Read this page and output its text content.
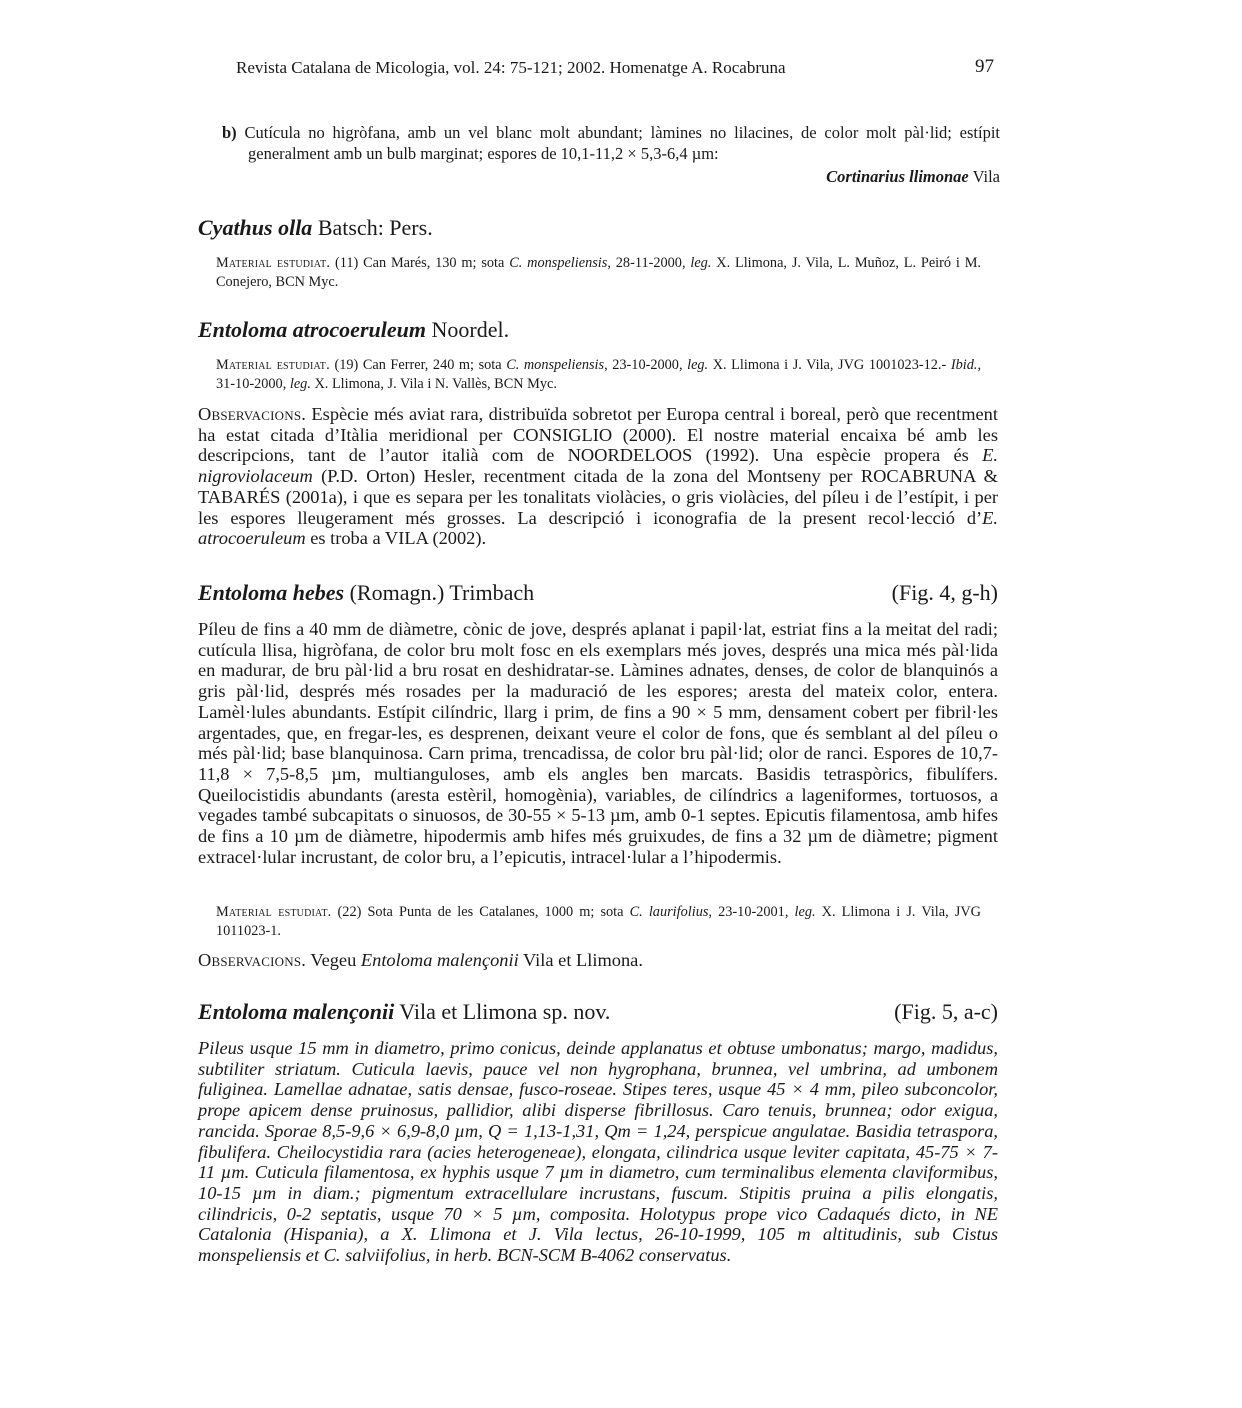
Revista Catalana de Micologia, vol. 24: 75-121; 2002. Homenatge A. Rocabruna	97

b) Cutícula no higròfana, amb un vel blanc molt abundant; làmines no lilacines, de color molt pàl·lid; estípit generalment amb un bulb marginat; espores de 10,1-11,2 × 5,3-6,4 µm:

Cortinarius llimonae Vila
Cyathus olla Batsch: Pers.
Material estudiat. (11) Can Marés, 130 m; sota C. monspeliensis, 28-11-2000, leg. X. Llimona, J. Vila, L. Muñoz, L. Peiró i M. Conejero, BCN Myc.
Entoloma atrocoeruleum Noordel.
Material estudiat. (19) Can Ferrer, 240 m; sota C. monspeliensis, 23-10-2000, leg. X. Llimona i J. Vila, JVG 1001023-12.- Ibid., 31-10-2000, leg. X. Llimona, J. Vila i N. Vallès, BCN Myc.
Observacions. Espècie més aviat rara, distribuïda sobretot per Europa central i boreal, però que recentment ha estat citada d’Itàlia meridional per CONSIGLIO (2000). El nostre material encaixa bé amb les descripcions, tant de l’autor italià com de NOORDELOOS (1992). Una espècie propera és E. nigroviolaceum (P.D. Orton) Hesler, recentment citada de la zona del Montseny per ROCABRUNA & TABARÉS (2001a), i que es separa per les tonalitats violàcies, o gris violàcies, del píleu i de l’estípit, i per les espores lleugerament més grosses. La descripció i iconografia de la present recol·lecció d’E. atrocoeruleum es troba a VILA (2002).
Entoloma hebes (Romagn.) Trimbach	(Fig. 4, g-h)
Píleu de fins a 40 mm de diàmetre, cònic de jove, després aplanat i papil·lat, estriat fins a la meitat del radi; cutícula llisa, higròfana, de color bru molt fosc en els exemplars més joves, després una mica més pàl·lida en madurar, de bru pàl·lid a bru rosat en deshidratar-se. Làmines adnates, denses, de color de blanquinós a gris pàl·lid, després més rosades per la maduració de les espores; aresta del mateix color, entera. Lamèl·lules abundants. Estípit cilíndric, llarg i prim, de fins a 90 × 5 mm, densament cobert per fibril·les argentades, que, en fregar-les, es desprenen, deixant veure el color de fons, que és semblant al del píleu o més pàl·lid; base blanquinosa. Carn prima, trencadissa, de color bru pàl·lid; olor de ranci. Espores de 10,7-11,8 × 7,5-8,5 µm, multianguloses, amb els angles ben marcats. Basidis tetraspòrics, fibulífers. Queilocistidis abundants (aresta estèril, homogènia), variables, de cilíndrics a lageniformes, tortuosos, a vegades també subcapitats o sinuosos, de 30-55 × 5-13 µm, amb 0-1 septes. Epicutis filamentosa, amb hifes de fins a 10 µm de diàmetre, hipodermis amb hifes més gruixudes, de fins a 32 µm de diàmetre; pigment extracel·lular incrustant, de color bru, a l’epicutis, intracel·lular a l’hipodermis.
Material estudiat. (22) Sota Punta de les Catalanes, 1000 m; sota C. laurifolius, 23-10-2001, leg. X. Llimona i J. Vila, JVG 1011023-1.
Observacions. Vegeu Entoloma malençonii Vila et Llimona.
Entoloma malençonii Vila et Llimona sp. nov.	(Fig. 5, a-c)
Pileus usque 15 mm in diametro, primo conicus, deinde applanatus et obtuse umbonatus; margo, madidus, subtiliter striatum. Cuticula laevis, pauce vel non hygrophana, brunnea, vel umbrina, ad umbonem fuliginea. Lamellae adnatae, satis densae, fusco-roseae. Stipes teres, usque 45 × 4 mm, pileo subconcolor, prope apicem dense pruinosus, pallidior, alibi disperse fibrillosus. Caro tenuis, brunnea; odor exigua, rancida. Sporae 8,5-9,6 × 6,9-8,0 µm, Q = 1,13-1,31, Qm = 1,24, perspicue angulatae. Basidia tetraspora, fibulifera. Cheilocystidia rara (acies heterogeneae), elongata, cilindrica usque leviter capitata, 45-75 × 7-11 µm. Cuticula filamentosa, ex hyphis usque 7 µm in diametro, cum terminalibus elementa claviformibus, 10-15 µm in diam.; pigmentum extracellulare incrustans, fuscum. Stipitis pruina a pilis elongatis, cilindricis, 0-2 septatis, usque 70 × 5 µm, composita. Holotypus prope vico Cadaqués dicto, in NE Catalonia (Hispania), a X. Llimona et J. Vila lectus, 26-10-1999, 105 m altitudinis, sub Cistus monspeliensis et C. salviifolius, in herb. BCN-SCM B-4062 conservatus.
